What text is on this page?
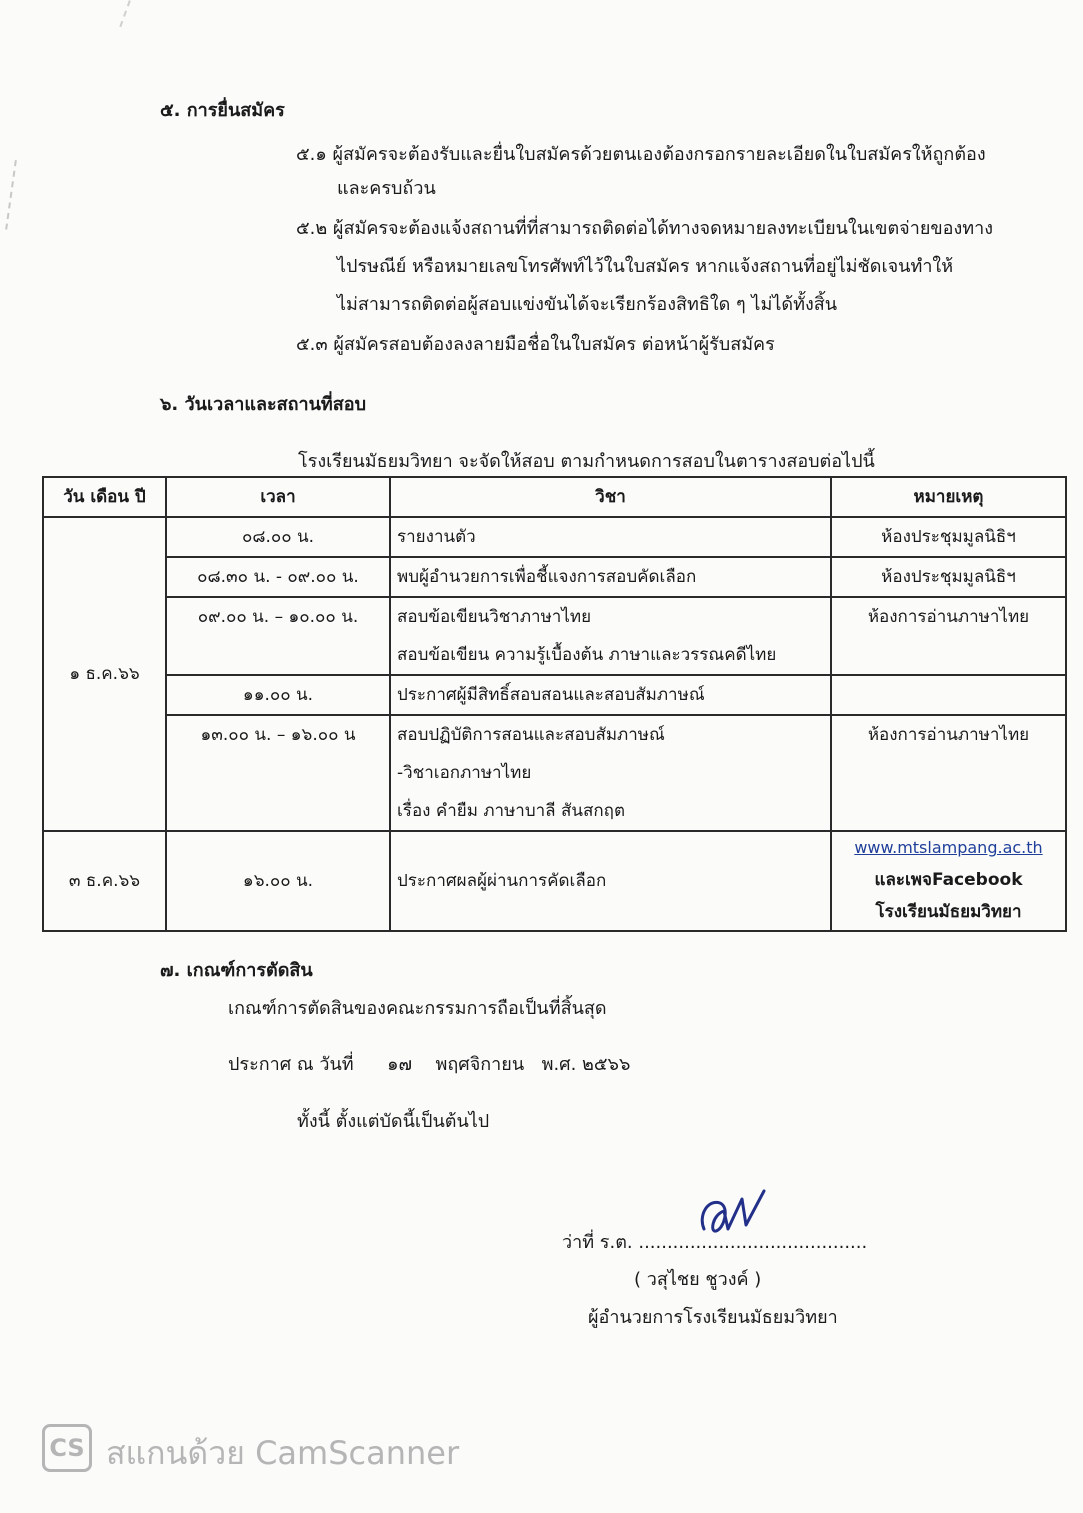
๕. การยื่นสมัคร
๕.๑ ผู้สมัครจะต้องรับและยื่นใบสมัครด้วยตนเองต้องกรอกรายละเอียดในใบสมัครให้ถูกต้อง
และครบถ้วน
๕.๒ ผู้สมัครจะต้องแจ้งสถานที่ที่สามารถติดต่อได้ทางจดหมายลงทะเบียนในเขตจ่ายของทาง
ไปรษณีย์ หรือหมายเลขโทรศัพท์ไว้ในใบสมัคร หากแจ้งสถานที่อยู่ไม่ชัดเจนทำให้
ไม่สามารถติดต่อผู้สอบแข่งขันได้จะเรียกร้องสิทธิใด ๆ ไม่ได้ทั้งสิ้น
๕.๓ ผู้สมัครสอบต้องลงลายมือชื่อในใบสมัคร ต่อหน้าผู้รับสมัคร
๖. วันเวลาและสถานที่สอบ
โรงเรียนมัธยมวิทยา จะจัดให้สอบ ตามกำหนดการสอบในตารางสอบต่อไปนี้
วัน เดือน ปี	เวลา	วิชา	หมายเหตุ
๑ ธ.ค.๖๖	๐๘.๐๐ น.	รายงานตัว	ห้องประชุมมูลนิธิฯ
	๐๘.๓๐ น. - ๐๙.๐๐ น.	พบผู้อำนวยการเพื่อชี้แจงการสอบคัดเลือก	ห้องประชุมมูลนิธิฯ
	๐๙.๐๐ น. – ๑๐.๐๐ น.	สอบข้อเขียนวิชาภาษาไทย
สอบข้อเขียน ความรู้เบื้องต้น ภาษาและวรรณคดีไทย	ห้องการอ่านภาษาไทย
	๑๑.๐๐ น.	ประกาศผู้มีสิทธิ์สอบสอนและสอบสัมภาษณ์	
	๑๓.๐๐ น. – ๑๖.๐๐ น	สอบปฏิบัติการสอนและสอบสัมภาษณ์
-วิชาเอกภาษาไทย
เรื่อง คำยืม ภาษาบาลี สันสกฤต	ห้องการอ่านภาษาไทย
๓ ธ.ค.๖๖	๑๖.๐๐ น.	ประกาศผลผู้ผ่านการคัดเลือก	www.mtslampang.ac.th
และเพจFacebook
โรงเรียนมัธยมวิทยา
๗. เกณฑ์การตัดสิน
เกณฑ์การตัดสินของคณะกรรมการถือเป็นที่สิ้นสุด
ประกาศ ณ วันที่ ๑๗ พฤศจิกายน พ.ศ. ๒๕๖๖
ทั้งนี้ ตั้งแต่บัดนี้เป็นต้นไป
ว่าที่ ร.ต. ........................................
( วสุไชย ชูวงค์ )
ผู้อำนวยการโรงเรียนมัธยมวิทยา
CS สแกนด้วย CamScanner
